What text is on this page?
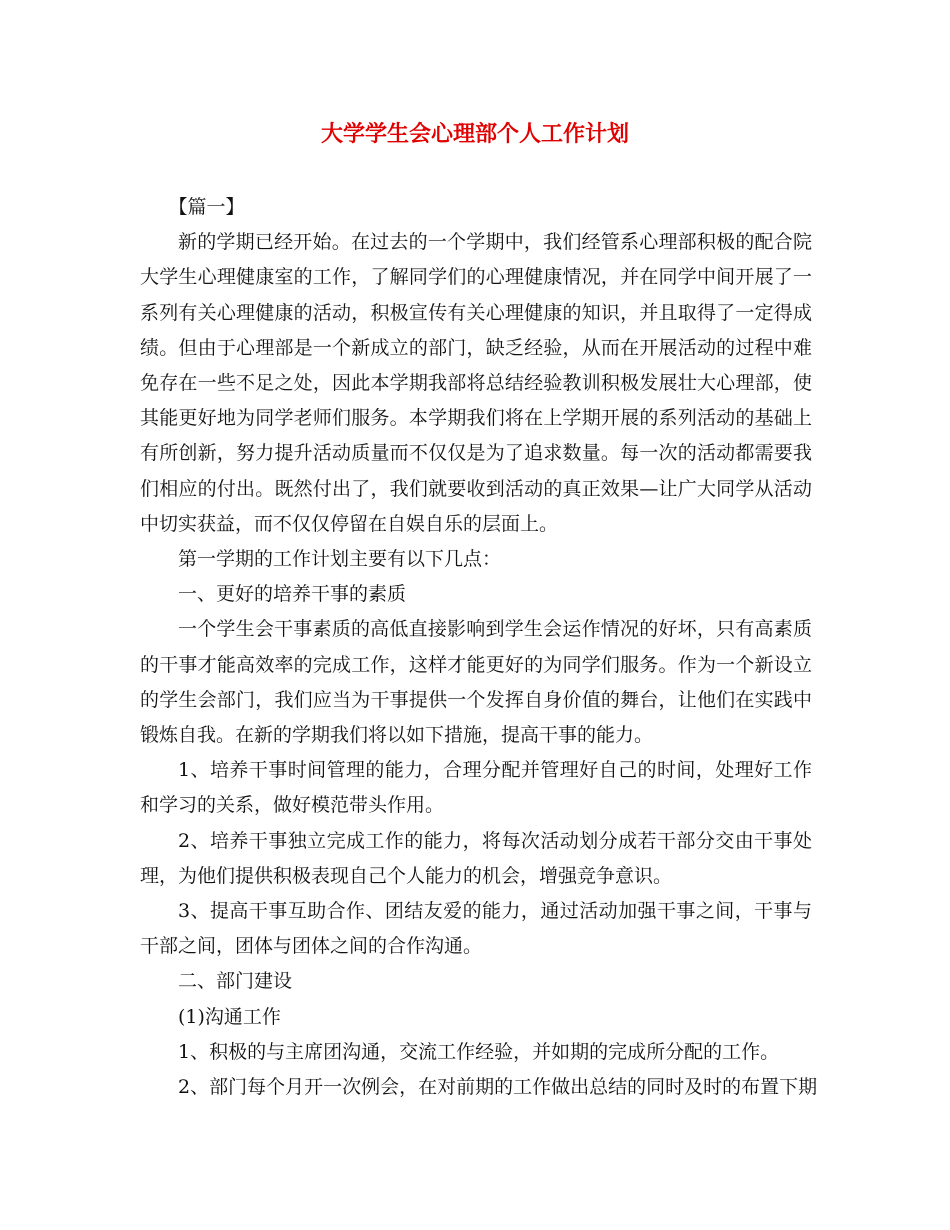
大学学生会心理部个人工作计划

【篇一】

新的学期已经开始。在过去的一个学期中，我们经管系心理部积极的配合院大学生心理健康室的工作，了解同学们的心理健康情况，并在同学中间开展了一系列有关心理健康的活动，积极宣传有关心理健康的知识，并且取得了一定得成绩。但由于心理部是一个新成立的部门，缺乏经验，从而在开展活动的过程中难免存在一些不足之处，因此本学期我部将总结经验教训积极发展壮大心理部，使其能更好地为同学老师们服务。本学期我们将在上学期开展的系列活动的基础上有所创新，努力提升活动质量而不仅仅是为了追求数量。每一次的活动都需要我们相应的付出。既然付出了，我们就要收到活动的真正效果—让广大同学从活动中切实获益，而不仅仅停留在自娱自乐的层面上。

第一学期的工作计划主要有以下几点：

一、更好的培养干事的素质

一个学生会干事素质的高低直接影响到学生会运作情况的好坏，只有高素质的干事才能高效率的完成工作，这样才能更好的为同学们服务。作为一个新设立的学生会部门，我们应当为干事提供一个发挥自身价值的舞台，让他们在实践中锻炼自我。在新的学期我们将以如下措施，提高干事的能力。

1、培养干事时间管理的能力，合理分配并管理好自己的时间，处理好工作和学习的关系，做好模范带头作用。

2、培养干事独立完成工作的能力，将每次活动划分成若干部分交由干事处理，为他们提供积极表现自己个人能力的机会，增强竞争意识。

3、提高干事互助合作、团结友爱的能力，通过活动加强干事之间，干事与干部之间，团体与团体之间的合作沟通。

二、部门建设

(1)沟通工作

1、积极的与主席团沟通，交流工作经验，并如期的完成所分配的工作。

2、部门每个月开一次例会，在对前期的工作做出总结的同时及时的布置下期
